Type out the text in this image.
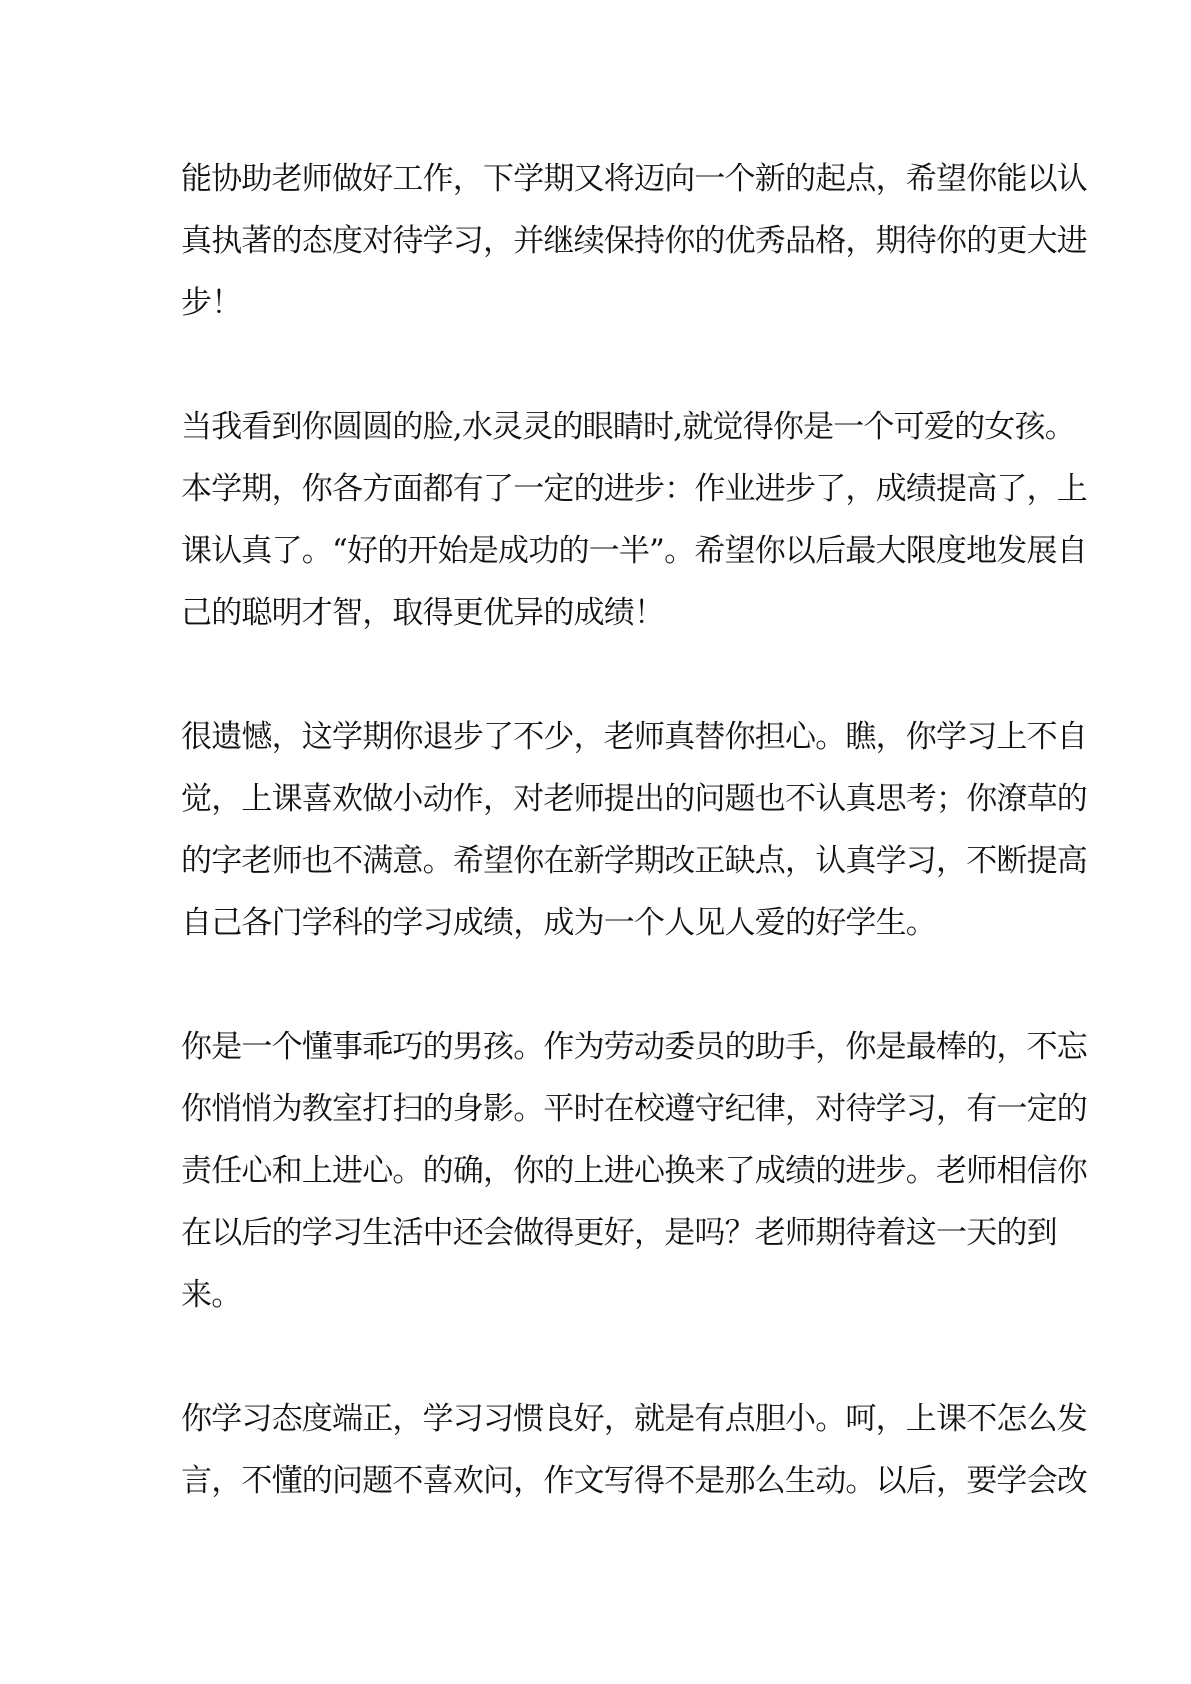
能协助老师做好工作，下学期又将迈向一个新的起点，希望你能以认
真执著的态度对待学习，并继续保持你的优秀品格，期待你的更大进
步！
当我看到你圆圆的脸,水灵灵的眼睛时,就觉得你是一个可爱的女孩。
本学期，你各方面都有了一定的进步：作业进步了，成绩提高了，上
课认真了。“好的开始是成功的一半”。希望你以后最大限度地发展自
己的聪明才智，取得更优异的成绩！
很遗憾，这学期你退步了不少，老师真替你担心。瞧，你学习上不自
觉，上课喜欢做小动作，对老师提出的问题也不认真思考；你潦草的
的字老师也不满意。希望你在新学期改正缺点，认真学习，不断提高
自己各门学科的学习成绩，成为一个人见人爱的好学生。
你是一个懂事乖巧的男孩。作为劳动委员的助手，你是最棒的，不忘
你悄悄为教室打扫的身影。平时在校遵守纪律，对待学习，有一定的
责任心和上进心。的确，你的上进心换来了成绩的进步。老师相信你
在以后的学习生活中还会做得更好，是吗？老师期待着这一天的到
来。
你学习态度端正，学习习惯良好，就是有点胆小。呵，上课不怎么发
言，不懂的问题不喜欢问，作文写得不是那么生动。以后，要学会改
